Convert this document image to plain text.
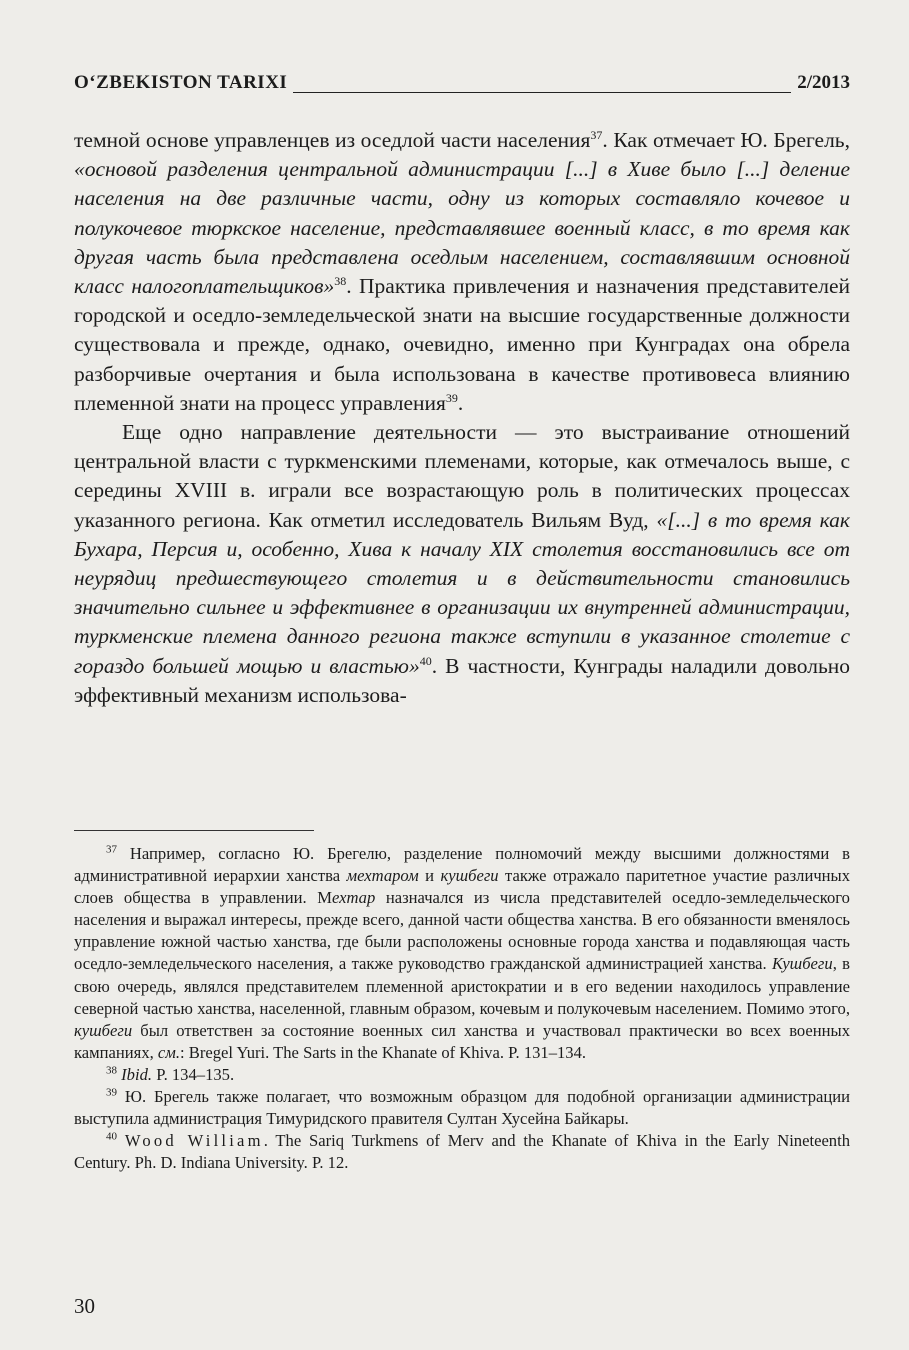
O‘ZBEKISTON TARIXI	2/2013

темной основе управленцев из оседлой части населения$^{37}$. Как отмечает Ю. Брегель, «основой разделения центральной администрации [...] в Хиве было [...] деление населения на две различные части, одну из которых составляло кочевое и полукочевое тюркское население, представлявшее военный класс, в то время как другая часть была представлена оседлым населением, составлявшим основной класс налогоплательщиков»$^{38}$. Практика привлечения и назначения представителей городской и оседло-земледельческой знати на высшие государственные должности существовала и прежде, однако, очевидно, именно при Кунградах она обрела разборчивые очертания и была использована в качестве противовеса влиянию племенной знати на процесс управления$^{39}$.

Еще одно направление деятельности — это выстраивание отношений центральной власти с туркменскими племенами, которые, как отмечалось выше, с середины XVIII в. играли все возрастающую роль в политических процессах указанного региона. Как отметил исследователь Вильям Вуд, «[...] в то время как Бухара, Персия и, особенно, Хива к началу XIX столетия восстановились все от неурядиц предшествующего столетия и в действительности становились значительно сильнее и эффективнее в организации их внутренней администрации, туркменские племена данного региона также вступили в указанное столетие с гораздо большей мощью и властью»$^{40}$. В частности, Кунграды наладили довольно эффективный механизм использова-

$^{37}$ Например, согласно Ю. Брегелю, разделение полномочий между высшими должностями в административной иерархии ханства мехтаром и кушбеги также отражало паритетное участие различных слоев общества в управлении. Мехтар назначался из числа представителей оседло-земледельческого населения и выражал интересы, прежде всего, данной части общества ханства. В его обязанности вменялось управление южной частью ханства, где были расположены основные города ханства и подавляющая часть оседло-земледельческого населения, а также руководство гражданской администрацией ханства. Кушбеги, в свою очередь, являлся представителем племенной аристократии и в его ведении находилось управление северной частью ханства, населенной, главным образом, кочевым и полукочевым населением. Помимо этого, кушбеги был ответствен за состояние военных сил ханства и участвовал практически во всех военных кампаниях, см.: Bregel Yuri. The Sarts in the Khanate of Khiva. P. 131–134.

$^{38}$ Ibid. P. 134–135.

$^{39}$ Ю. Брегель также полагает, что возможным образцом для подобной организации администрации выступила администрация Тимуридского правителя Султан Хусейна Байкары.

$^{40}$ Wood William. The Sariq Turkmens of Merv and the Khanate of Khiva in the Early Nineteenth Century. Ph. D. Indiana University. P. 12.

30
